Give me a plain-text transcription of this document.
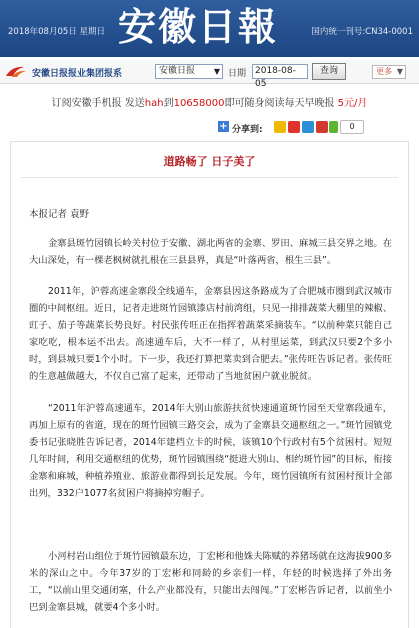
2018年08月05日 星期日 安徽日報	国内统一刊号:CN34-0001
安徽日报报业集团报系	安徽日报 ▼ 日期 2018-08-05
查询	更多 ▼
订阅安徽手机报 发送hah到10658000即可随身阅读每天早晚报 5元/月
+ 分享到:	0
道路畅了 日子美了
本报记者 袁野

金寨县斑竹园镇长岭关村位于安徽、湖北两省的金寨、罗田、麻城三县交界之地。在大山深处，有一棵老枫树就扎根在三县县界，真是“叶落两省，根生三县”。

2011年，沪蓉高速金寨段全线通车，金寨县因这条路成为了合肥城市圈到武汉城市圈的中间枢纽。近日，记者走进斑竹园镇漆店村前湾组，只见一排排蔬菜大棚里的辣椒、豇子、茄子等蔬菜长势良好。村民张传旺正在指挥着蔬菜采摘装车。“以前种菜只能自己家吃吃，根本运不出去。高速通车后，大不一样了，从村里运菜，到武汉只要2个多小时，到县城只要1个小时。下一步，我还打算把菜卖到合肥去。”张传旺告诉记者。张传旺的生意越做越大，不仅自己富了起来，还带动了当地贫困户就业脱贫。

“2011年沪蓉高速通车，2014年大别山旅游扶贫快速通道斑竹园至天堂寨段通车，再加上原有的省道，现在的斑竹园镇三路交会，成为了金寨县交通枢纽之一。”斑竹园镇党委书记张晓胜告诉记者，2014年建档立卡的时候，该镇10个行政村有5个贫困村。短短几年时间，利用交通枢纽的优势，斑竹园镇围绕“挺进大别山、相约斑竹园”的目标，衔接金寨和麻城，种植养殖业、旅游业都得到长足发展。今年，斑竹园镇所有贫困村预计全部出列，332户1077名贫困户将摘掉穷帽子。

小河村岩山组位于斑竹园镇最东边，丁宏彬和他姝夫陈赋的养猪场就在这海拔900多米的深山之中。今年37岁的丁宏彬和同龄的乡亲们一样，年轻的时候选择了外出务工，“以前山里交通闭塞，什么产业都没有，只能出去闯闯。”丁宏彬告诉记者，以前坐小巴到金寨县城，就要4个多小时。
